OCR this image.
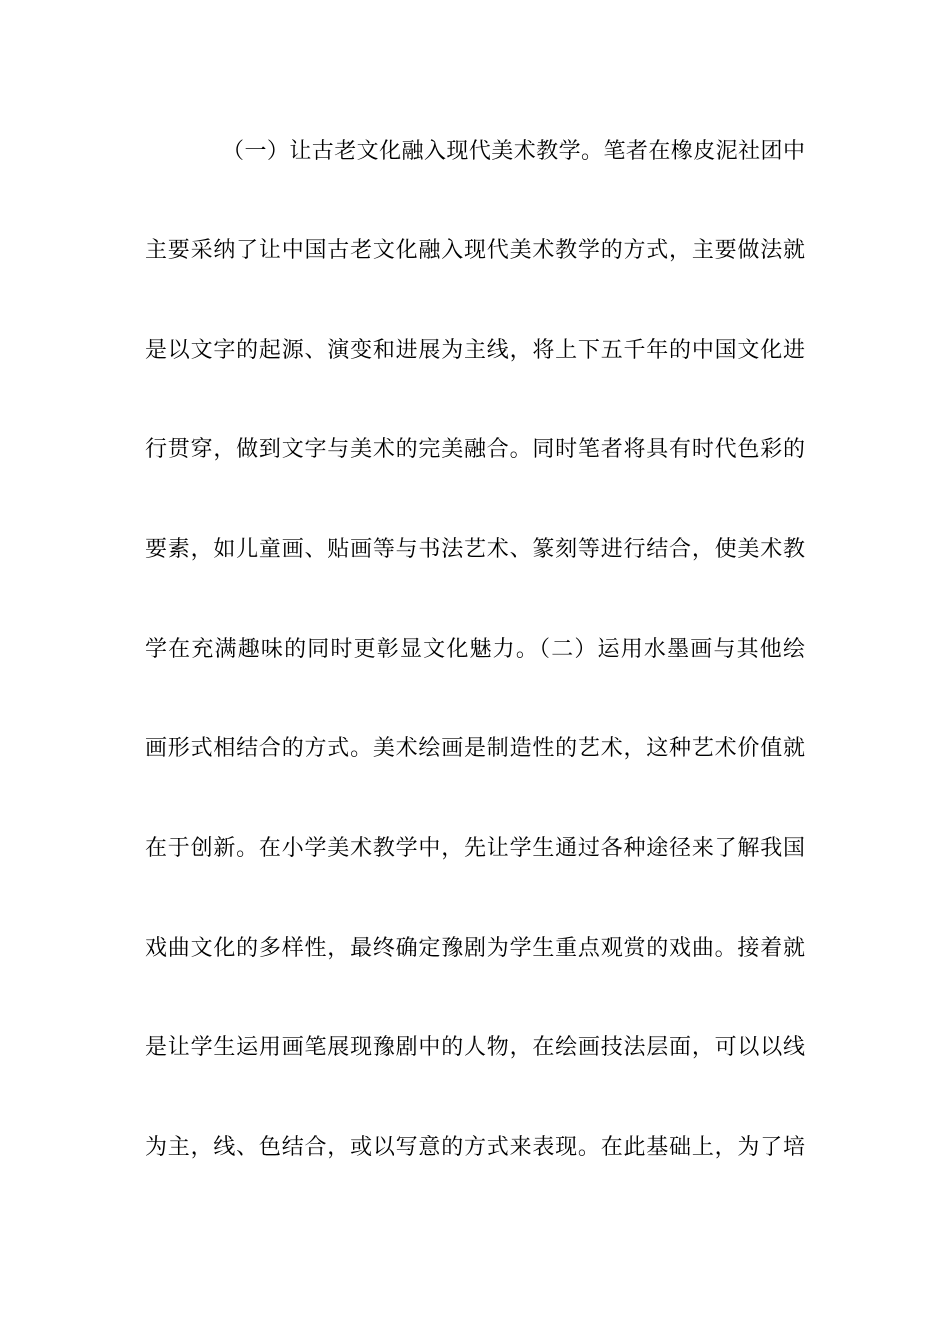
（一）让古老文化融入现代美术教学。笔者在橡皮泥社团中
主要采纳了让中国古老文化融入现代美术教学的方式，主要做法就
是以文字的起源、演变和进展为主线，将上下五千年的中国文化进
行贯穿，做到文字与美术的完美融合。同时笔者将具有时代色彩的
要素，如儿童画、贴画等与书法艺术、篆刻等进行结合，使美术教
学在充满趣味的同时更彰显文化魅力。（二）运用水墨画与其他绘
画形式相结合的方式。美术绘画是制造性的艺术，这种艺术价值就
在于创新。在小学美术教学中，先让学生通过各种途径来了解我国
戏曲文化的多样性，最终确定豫剧为学生重点观赏的戏曲。接着就
是让学生运用画笔展现豫剧中的人物，在绘画技法层面，可以以线
为主，线、色结合，或以写意的方式来表现。在此基础上，为了培
